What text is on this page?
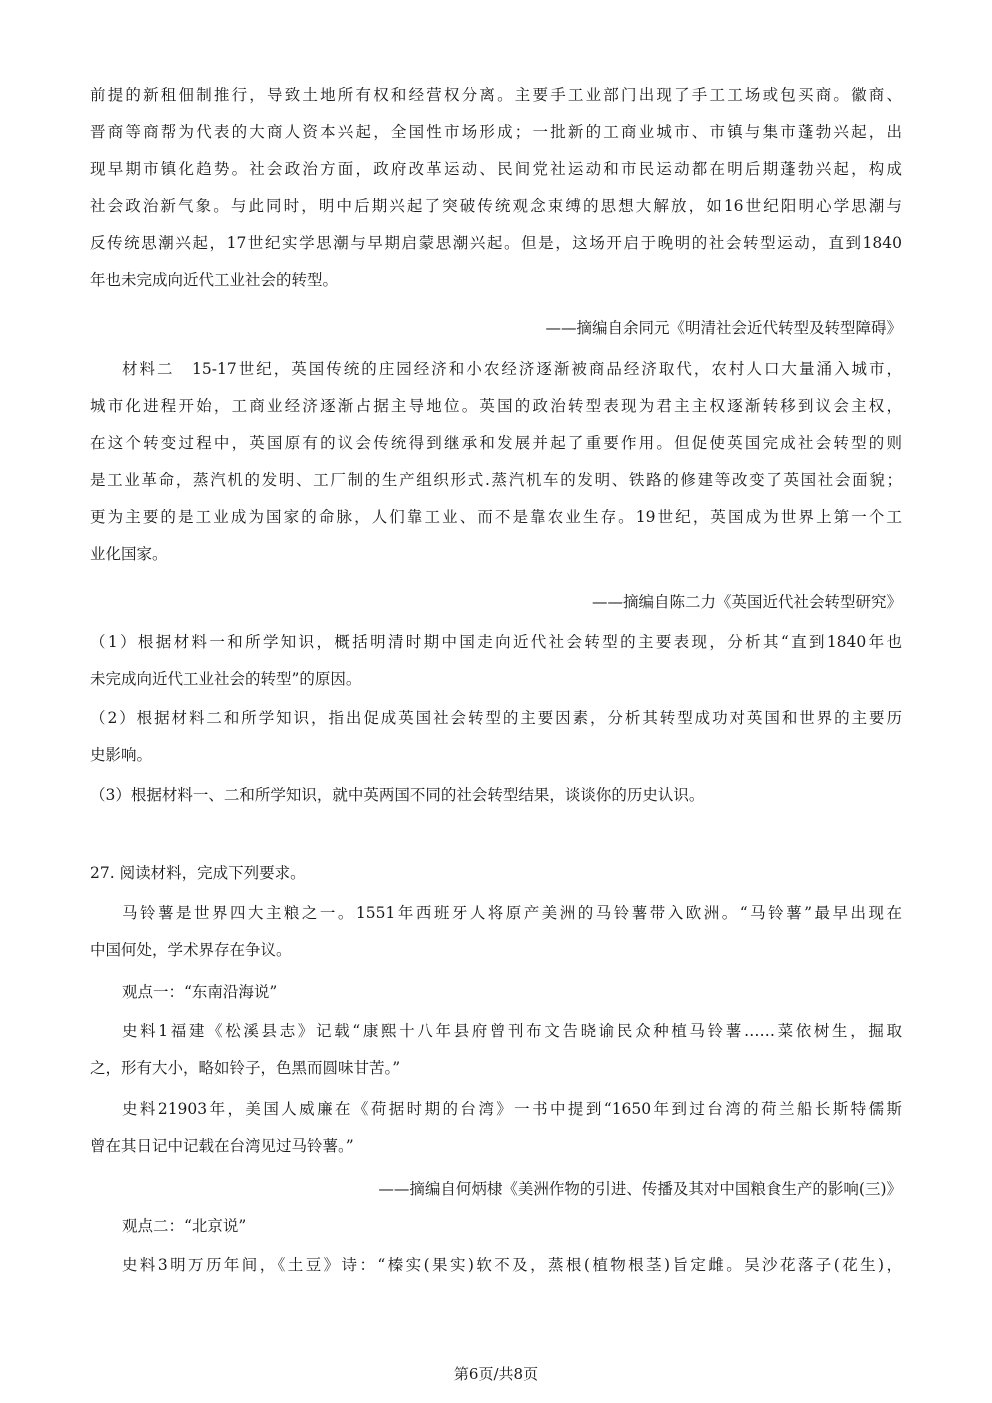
前提的新租佃制推行，导致土地所有权和经营权分离。主要手工业部门出现了手工工场或包买商。徽商、
晋商等商帮为代表的大商人资本兴起，全国性市场形成；一批新的工商业城市、市镇与集市蓬勃兴起，出
现早期市镇化趋势。社会政治方面，政府改革运动、民间党社运动和市民运动都在明后期蓬勃兴起，构成
社会政治新气象。与此同时，明中后期兴起了突破传统观念束缚的思想大解放，如16世纪阳明心学思潮与
反传统思潮兴起，17世纪实学思潮与早期启蒙思潮兴起。但是，这场开启于晚明的社会转型运动，直到1840
年也未完成向近代工业社会的转型。
——摘编自余同元《明清社会近代转型及转型障碍》
材料二　15-17世纪，英国传统的庄园经济和小农经济逐渐被商品经济取代，农村人口大量涌入城市，
城市化进程开始，工商业经济逐渐占据主导地位。英国的政治转型表现为君主主权逐渐转移到议会主权，
在这个转变过程中，英国原有的议会传统得到继承和发展并起了重要作用。但促使英国完成社会转型的则
是工业革命，蒸汽机的发明、工厂制的生产组织形式.蒸汽机车的发明、铁路的修建等改变了英国社会面貌；
更为主要的是工业成为国家的命脉，人们靠工业、而不是靠农业生存。19世纪，英国成为世界上第一个工
业化国家。
——摘编自陈二力《英国近代社会转型研究》
（1）根据材料一和所学知识，概括明清时期中国走向近代社会转型的主要表现，分析其“直到1840年也
未完成向近代工业社会的转型”的原因。
（2）根据材料二和所学知识，指出促成英国社会转型的主要因素，分析其转型成功对英国和世界的主要历
史影响。
（3）根据材料一、二和所学知识，就中英两国不同的社会转型结果，谈谈你的历史认识。
27. 阅读材料，完成下列要求。
马铃薯是世界四大主粮之一。1551年西班牙人将原产美洲的马铃薯带入欧洲。“马铃薯”最早出现在
中国何处，学术界存在争议。
观点一：“东南沿海说”
史料1福建《松溪县志》记载“康熙十八年县府曾刊布文告晓谕民众种植马铃薯……菜依树生，掘取
之，形有大小，略如铃子，色黑而圆味甘苦。”
史料21903年，美国人威廉在《荷据时期的台湾》一书中提到“1650年到过台湾的荷兰船长斯特儒斯
曾在其日记中记载在台湾见过马铃薯。”
——摘编自何炳棣《美洲作物的引进、传播及其对中国粮食生产的影响(三)》
观点二：“北京说”
史料3明万历年间，《土豆》诗：“榛实(果实)软不及，蒸根(植物根茎)旨定雌。吴沙花落子(花生)，
第6页/共8页
